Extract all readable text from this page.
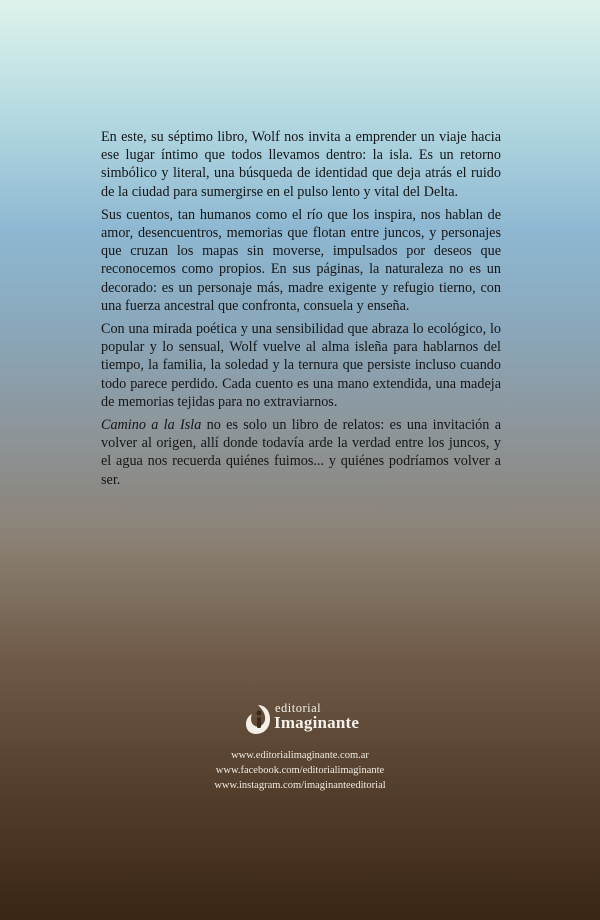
En este, su séptimo libro, Wolf nos invita a emprender un viaje hacia ese lugar íntimo que todos llevamos dentro: la isla. Es un retorno simbólico y literal, una búsqueda de identidad que deja atrás el ruido de la ciudad para sumergirse en el pulso lento y vital del Delta.

Sus cuentos, tan humanos como el río que los inspira, nos hablan de amor, desencuentros, memorias que flotan entre juncos, y personajes que cruzan los mapas sin moverse, impulsados por deseos que reconocemos como propios. En sus páginas, la naturaleza no es un decorado: es un personaje más, madre exigente y refugio tierno, con una fuerza ancestral que confronta, consuela y enseña.

Con una mirada poética y una sensibilidad que abraza lo ecológico, lo popular y lo sensual, Wolf vuelve al alma isleña para hablarnos del tiempo, la familia, la soledad y la ternura que persiste incluso cuando todo parece perdido. Cada cuento es una mano extendida, una madeja de memorias tejidas para no extraviarnos.

Camino a la Isla no es solo un libro de relatos: es una invitación a volver al origen, allí donde todavía arde la verdad entre los juncos, y el agua nos recuerda quiénes fuimos... y quiénes podríamos volver a ser.

editorial
Imaginante
www.editorialimaginante.com.ar
www.facebook.com/editorialimaginante
www.instagram.com/imaginanteeditorial
